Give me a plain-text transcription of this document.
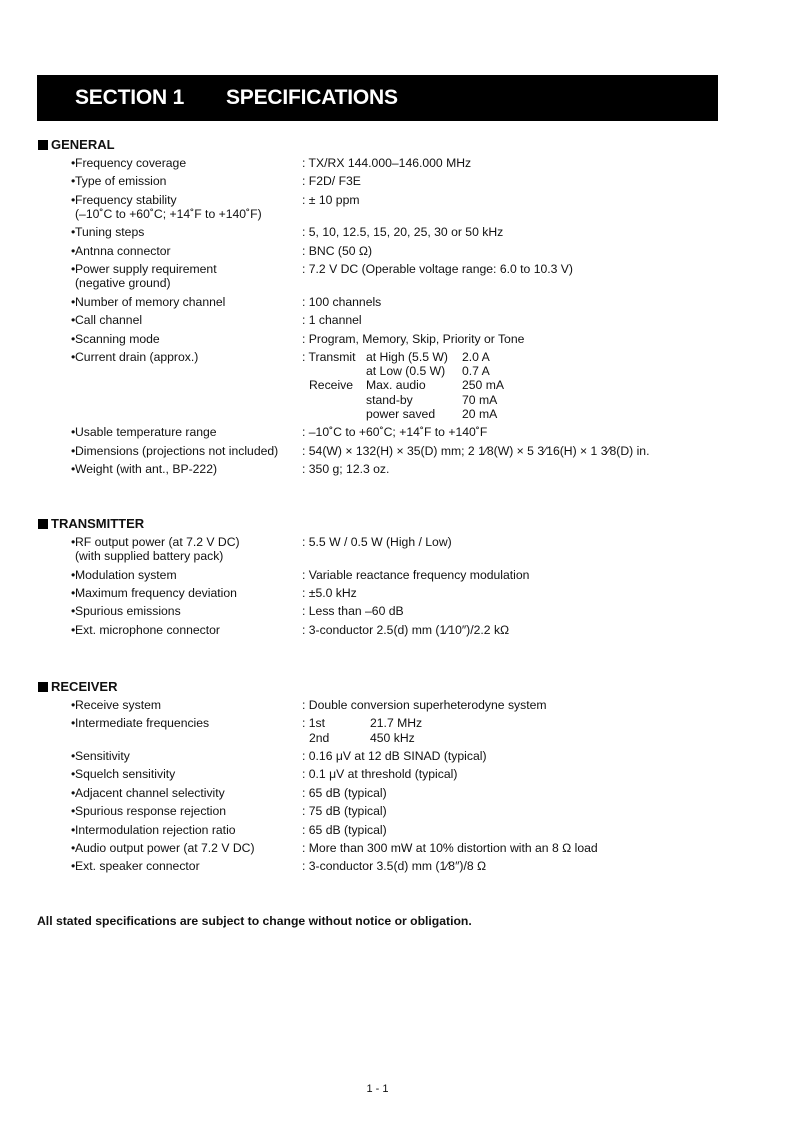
SECTION 1 SPECIFICATIONS
GENERAL
• Frequency coverage	: TX/RX 144.000–146.000 MHz
• Type of emission	: F2D/ F3E
• Frequency stability
(–10˚C to +60˚C; +14˚F to +140˚F)
: ± 10 ppm
• Tuning steps	: 5, 10, 12.5, 15, 20, 25, 30 or 50 kHz
• Antnna connector	: BNC (50 Ω)
• Power supply requirement
(negative ground)
: 7.2 V DC (Operable voltage range: 6.0 to 10.3 V)
• Number of memory channel	: 100 channels
• Call channel	: 1 channel
• Scanning mode	: Program, Memory, Skip, Priority or Tone
• Current drain (approx.)	: Transmit at High (5.5 W)	2.0 A
at Low (0.5 W)	0.7 A
Receive	Max. audio	250 mA
stand-by	70 mA
power saved	20 mA
• Usable temperature range	: –10˚C to +60˚C; +14˚F to +140˚F
• Dimensions (projections not included)	: 54(W) × 132(H) × 35(D) mm; 2 1⁄8(W) × 5 3⁄16(H) × 1 3⁄8(D) in.
• Weight (with ant., BP-222)	: 350 g; 12.3 oz.
TRANSMITTER
• RF output power (at 7.2 V DC)
(with supplied battery pack)
: 5.5 W / 0.5 W (High / Low)
• Modulation system	: Variable reactance frequency modulation
• Maximum frequency deviation	: ±5.0 kHz
• Spurious emissions	: Less than –60 dB
• Ext. microphone connector	: 3-conductor 2.5(d) mm (1⁄10″)/2.2 kΩ
RECEIVER
• Receive system	: Double conversion superheterodyne system
• Intermediate frequencies	: 1st	21.7 MHz
2nd	450 kHz
• Sensitivity	: 0.16 μV at 12 dB SINAD (typical)
• Squelch sensitivity	: 0.1 μV at threshold (typical)
• Adjacent channel selectivity	: 65 dB (typical)
• Spurious response rejection	: 75 dB (typical)
• Intermodulation rejection ratio	: 65 dB (typical)
• Audio output power (at 7.2 V DC)	: More than 300 mW at 10% distortion with an 8 Ω load
• Ext. speaker connector	: 3-conductor 3.5(d) mm (1⁄8″)/8 Ω
All stated specifications are subject to change without notice or obligation.
1 - 1
